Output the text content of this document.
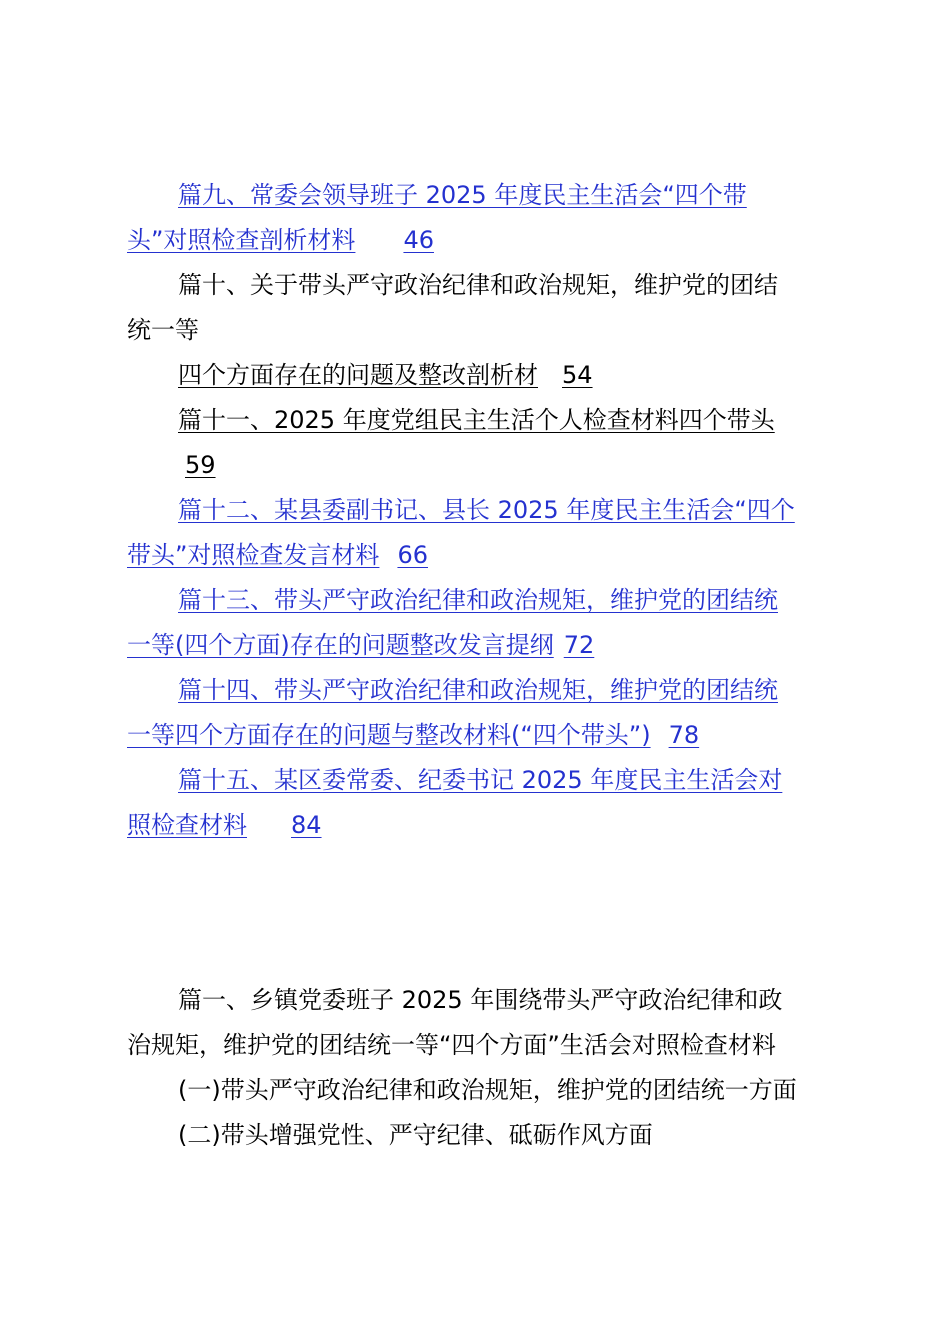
篇九、常委会领导班子 2025 年度民主生活会“四个带
头”对照检查剖析材料 46
篇十、关于带头严守政治纪律和政治规矩，维护党的团结
统一等
四个方面存在的问题及整改剖析材 54
篇十一、2025 年度党组民主生活个人检查材料四个带头
59
篇十二、某县委副书记、县长 2025 年度民主生活会“四个
带头”对照检查发言材料 66
篇十三、带头严守政治纪律和政治规矩，维护党的团结统
一等(四个方面)存在的问题整改发言提纲 72
篇十四、带头严守政治纪律和政治规矩，维护党的团结统
一等四个方面存在的问题与整改材料(“四个带头”) 78
篇十五、某区委常委、纪委书记 2025 年度民主生活会对
照检查材料 84
篇一、乡镇党委班子 2025 年围绕带头严守政治纪律和政
治规矩，维护党的团结统一等“四个方面”生活会对照检查材料
(一)带头严守政治纪律和政治规矩，维护党的团结统一方面
(二)带头增强党性、严守纪律、砥砺作风方面
